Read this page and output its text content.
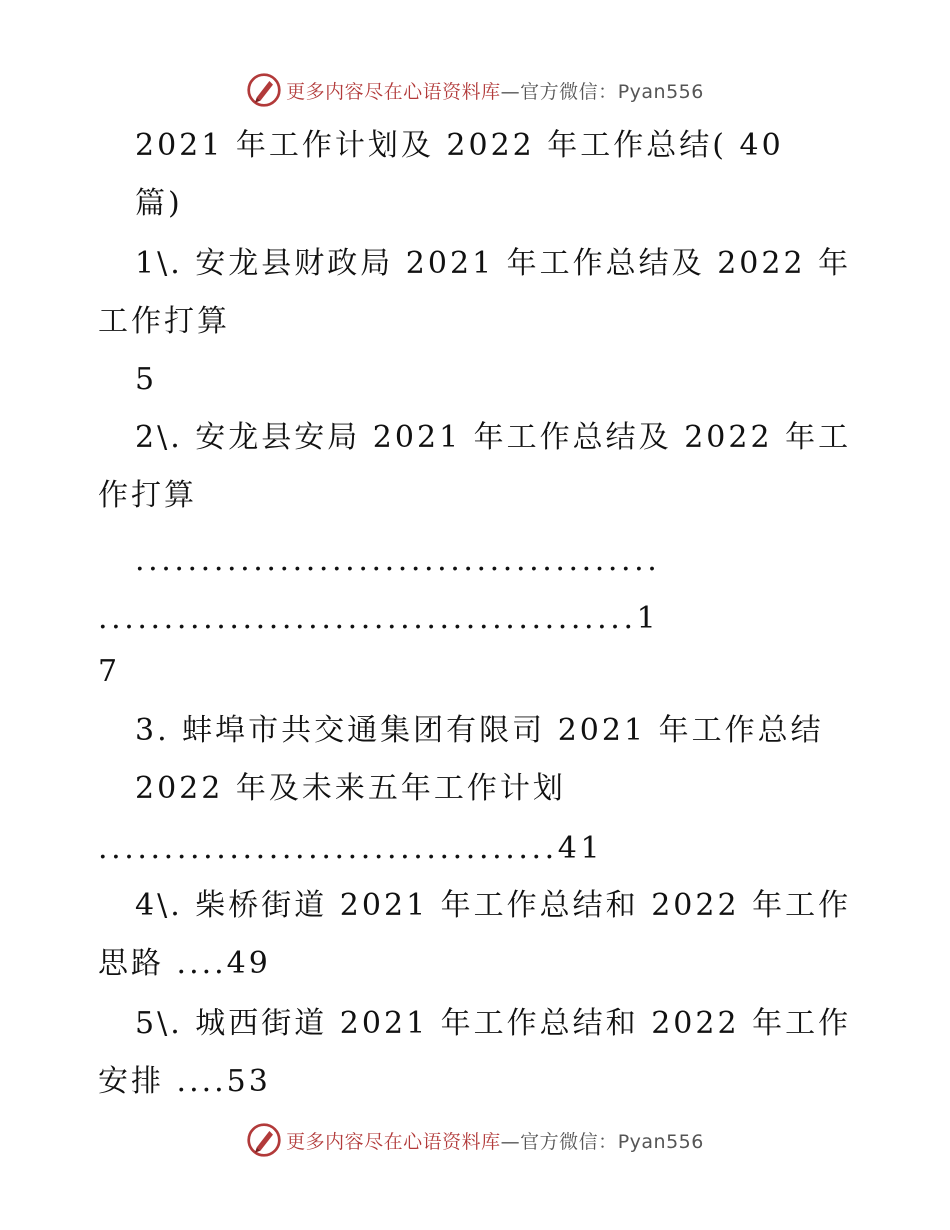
更多内容尽在心语资料库—官方微信：Pyan556
2021 年工作计划及 2022 年工作总结( 40
篇)
1\. 安龙县财政局 2021 年工作总结及 2022 年
工作打算
5
2\. 安龙县安局 2021 年工作总结及 2022 年工
作打算
........................................
.........................................1
7
3. 蚌埠市共交通集团有限司 2021 年工作总结
2022 年及未来五年工作计划
...................................41
4\. 柴桥街道 2021 年工作总结和 2022 年工作
思路 ....49
5\. 城西街道 2021 年工作总结和 2022 年工作
安排 ....53
更多内容尽在心语资料库—官方微信：Pyan556
